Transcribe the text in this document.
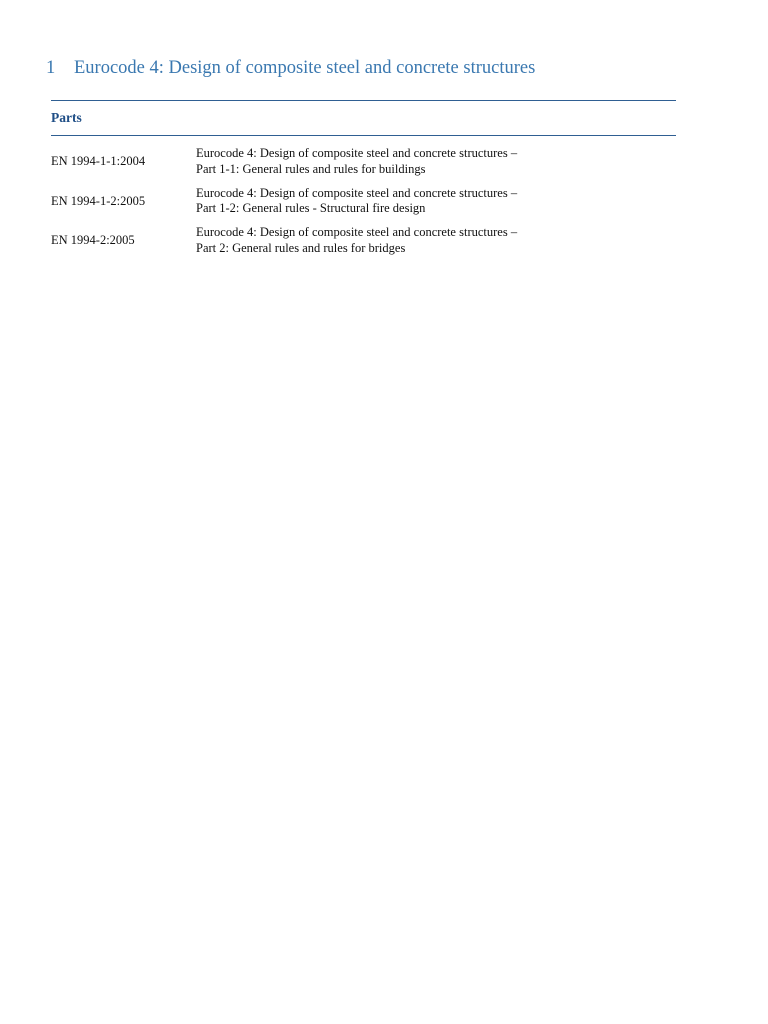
1	Eurocode 4: Design of composite steel and concrete structures
Parts
EN 1994-1-1:2004
Eurocode 4: Design of composite steel and concrete structures –
Part 1-1: General rules and rules for buildings
EN 1994-1-2:2005
Eurocode 4: Design of composite steel and concrete structures –
Part 1-2: General rules - Structural fire design
EN 1994-2:2005
Eurocode 4: Design of composite steel and concrete structures –
Part 2: General rules and rules for bridges
